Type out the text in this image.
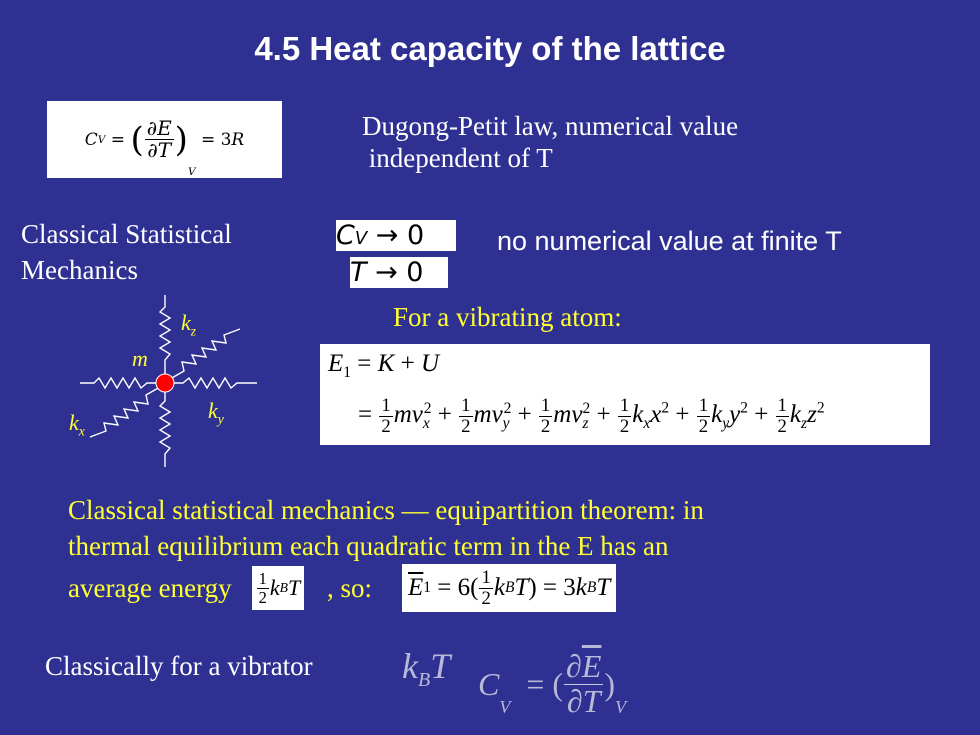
4.5 Heat capacity of the lattice
C V = ( $\frac{\partial E}{\partial T}$ )
V
= 3 R	Dugong-Petit law, numerical value
independent of T
Classical Statistical
Mechanics
CV → 0
T → 0
no numerical value at finite T
For a vibrating atom:
m
$k_z$
$k_y$
$k_x$
$E_1 = K + U$
= $\frac{1}{2} mv_x^2 + \frac{1}{2} mv_y^2 + \frac{1}{2} mv_z^2 + \frac{1}{2} k_xx^2 + \frac{1}{2} k_yy^2 + \frac{1}{2} k_zz^2$
Classical statistical mechanics — equipartition theorem: in
thermal equilibrium each quadratic term in the E has an
average energy $\frac{1}{2}$ k B T , so: $\overline{E}$ $1 = 6( \frac{1}{2}$ k B T ) = 3 k B T
Classically for a vibrator $k_BT$ C
$_V$
= ( $\frac{\partial\overline{E}}{\partial T}$ )
$_V$
